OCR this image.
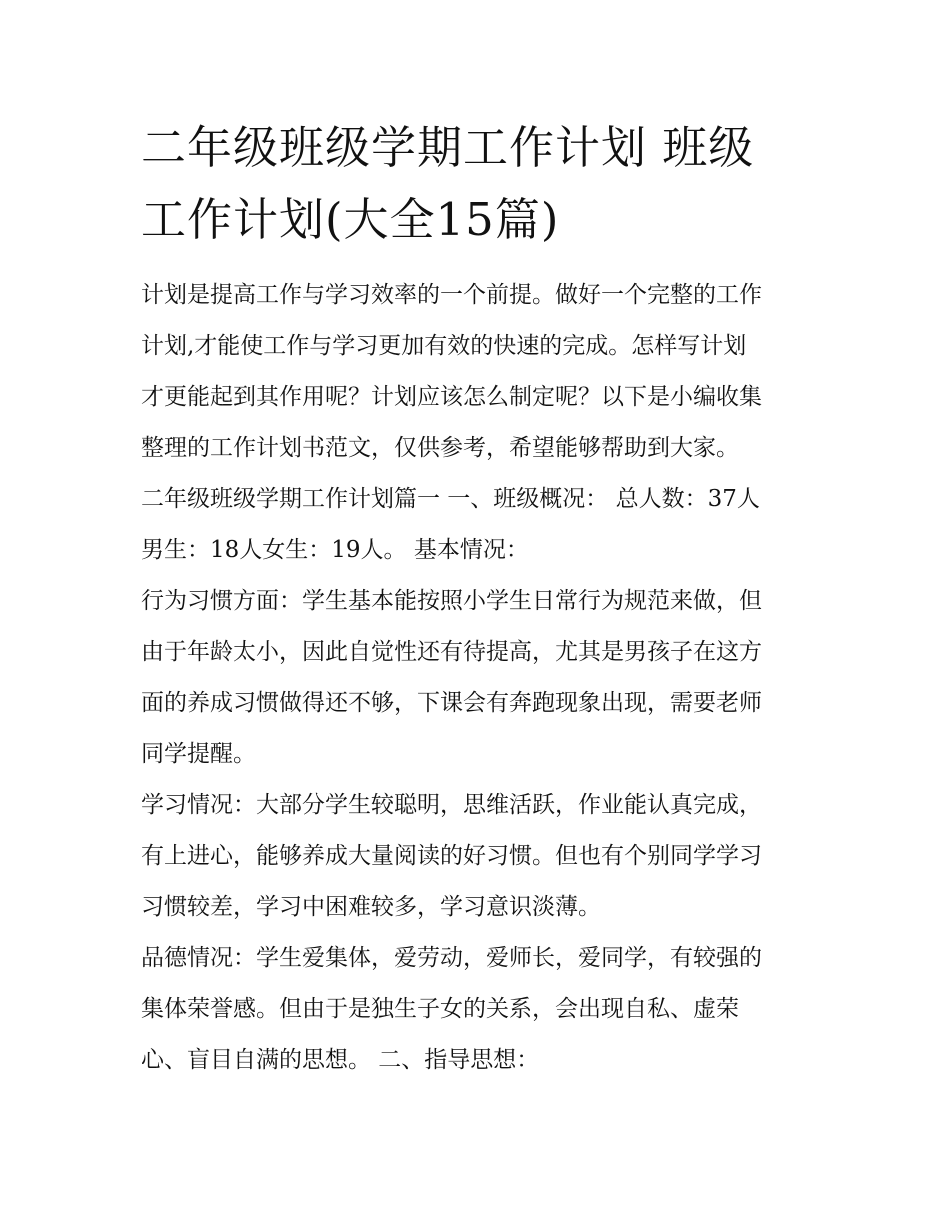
二年级班级学期工作计划 班级
工作计划(大全15篇)

计划是提高工作与学习效率的一个前提。做好一个完整的工作
计划,才能使工作与学习更加有效的快速的完成。怎样写计划
才更能起到其作用呢？计划应该怎么制定呢？以下是小编收集
整理的工作计划书范文，仅供参考，希望能够帮助到大家。

二年级班级学期工作计划篇一 一、班级概况： 总人数：37人
男生：18人女生：19人。 基本情况：

行为习惯方面：学生基本能按照小学生日常行为规范来做，但
由于年龄太小，因此自觉性还有待提高，尤其是男孩子在这方
面的养成习惯做得还不够，下课会有奔跑现象出现，需要老师
同学提醒。

学习情况：大部分学生较聪明，思维活跃，作业能认真完成，
有上进心，能够养成大量阅读的好习惯。但也有个别同学学习
习惯较差，学习中困难较多，学习意识淡薄。

品德情况：学生爱集体，爱劳动，爱师长，爱同学，有较强的
集体荣誉感。但由于是独生子女的关系，会出现自私、虚荣
心、盲目自满的思想。 二、指导思想：
